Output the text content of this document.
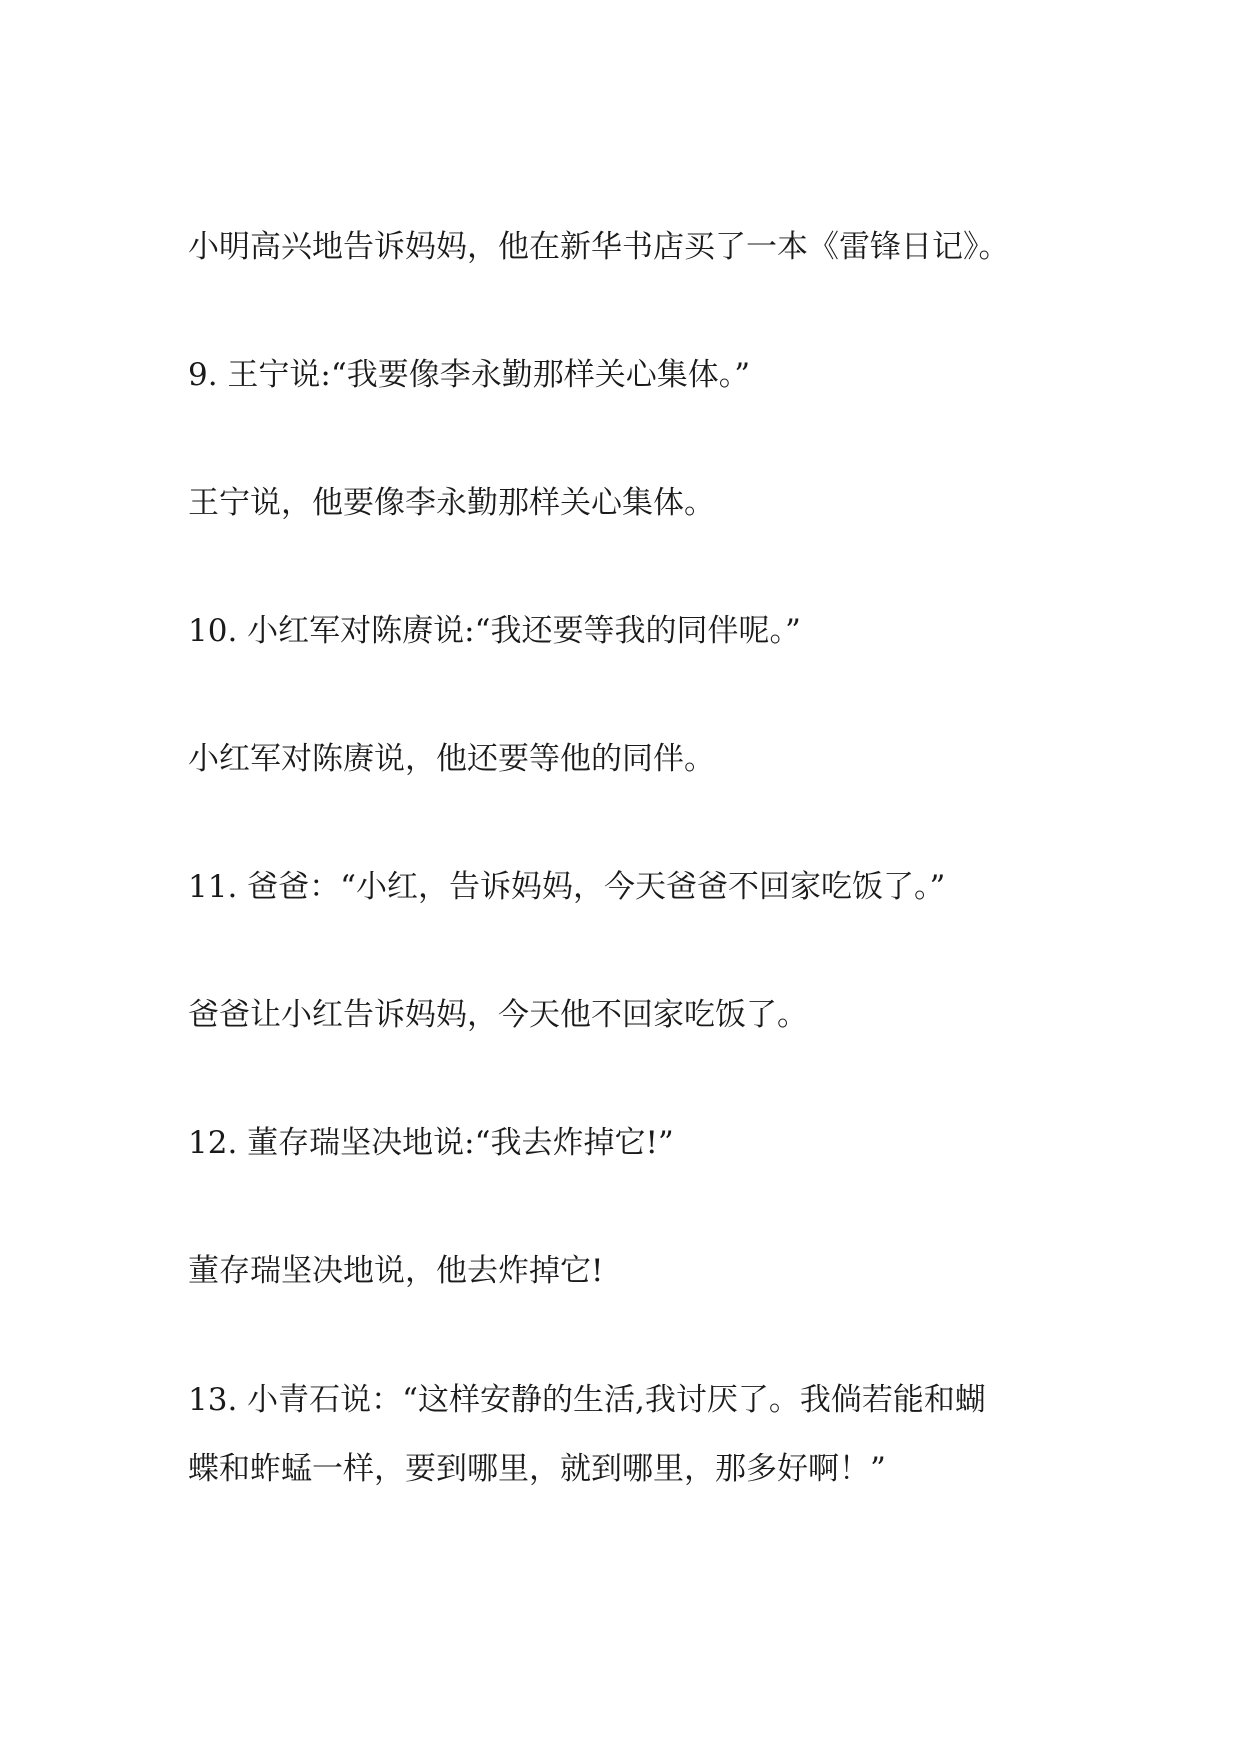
小明高兴地告诉妈妈，他在新华书店买了一本《雷锋日记》。

9. 王宁说:“我要像李永勤那样关心集体。”

王宁说，他要像李永勤那样关心集体。

10. 小红军对陈赓说:“我还要等我的同伴呢。”

小红军对陈赓说，他还要等他的同伴。

11. 爸爸：“小红，告诉妈妈，今天爸爸不回家吃饭了。”

爸爸让小红告诉妈妈，今天他不回家吃饭了。

12. 董存瑞坚决地说:“我去炸掉它!”

董存瑞坚决地说，他去炸掉它!

13. 小青石说：“这样安静的生活,我讨厌了。我倘若能和蝴
蝶和蚱蜢一样，要到哪里，就到哪里，那多好啊！”
